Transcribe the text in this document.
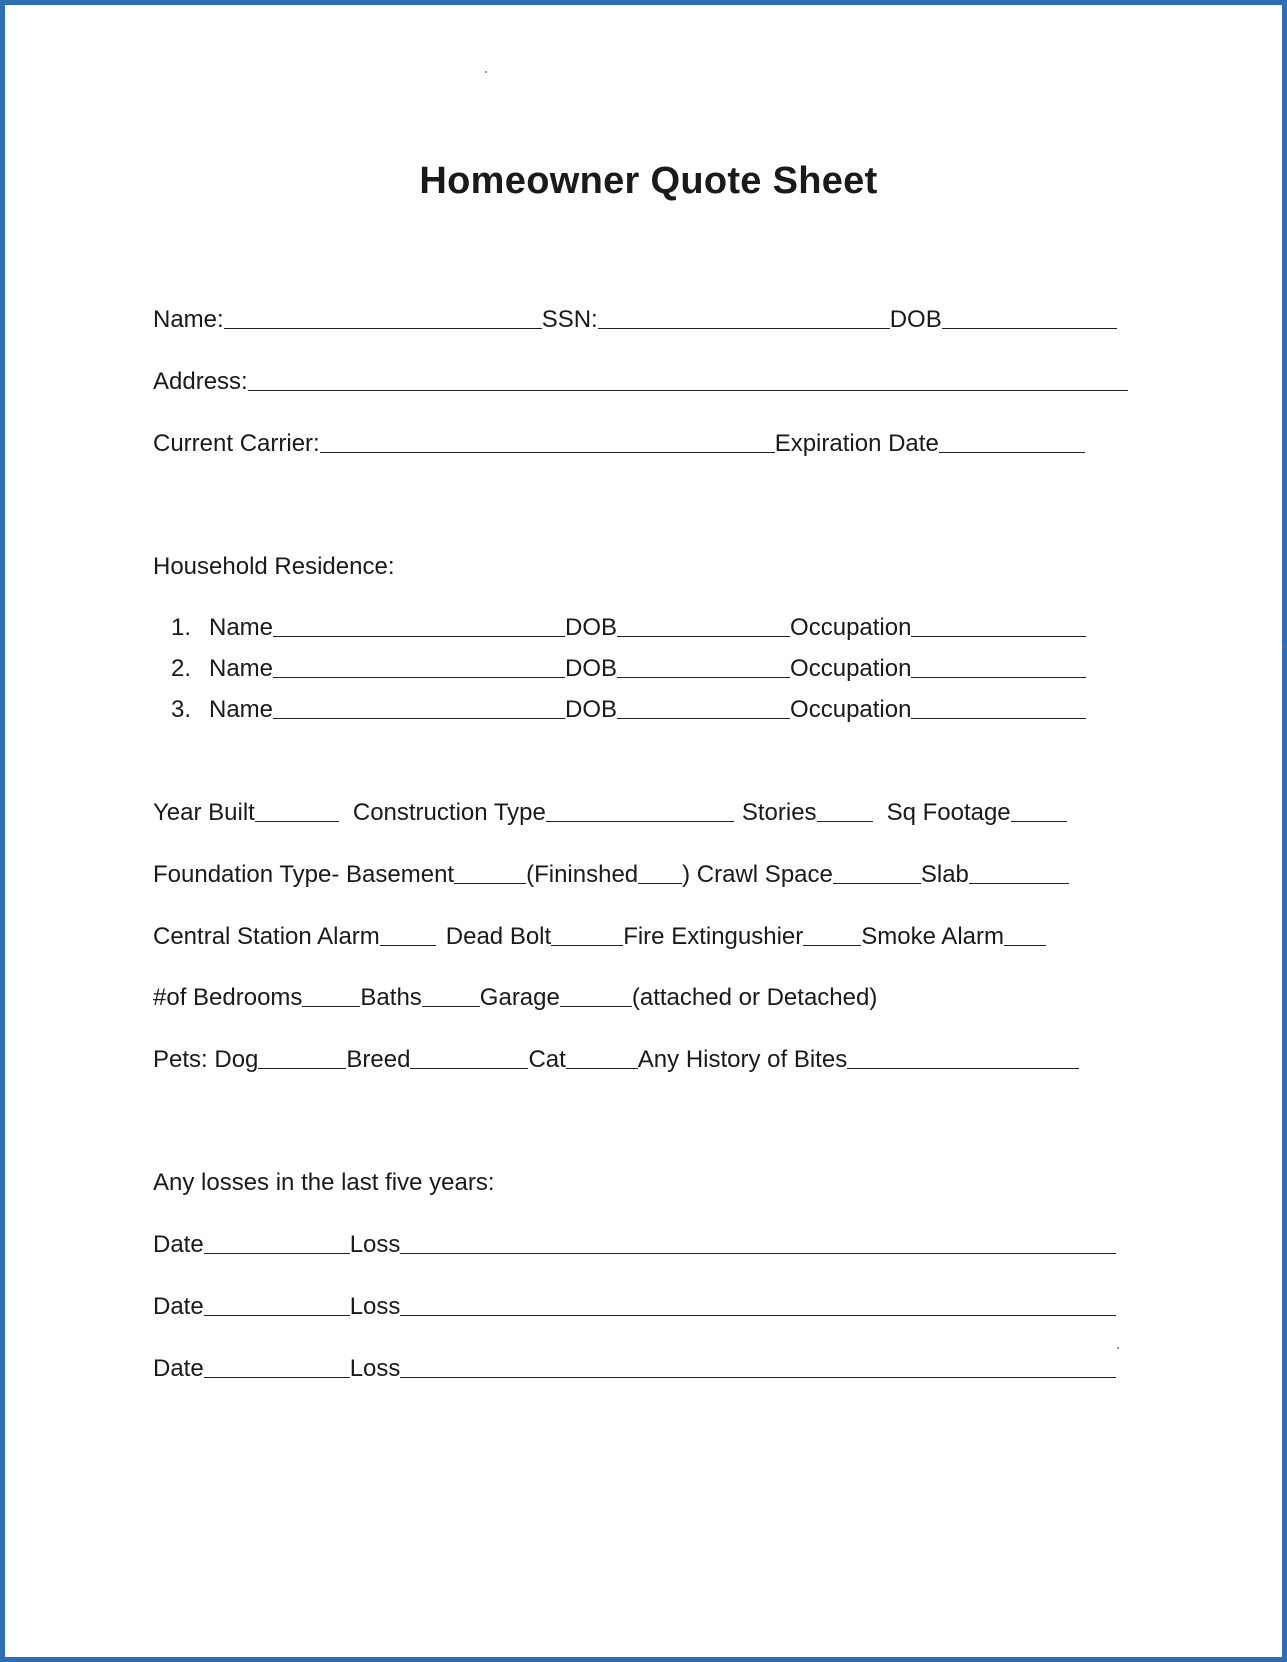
Homeowner Quote Sheet
Name:	SSN:	DOB
Address:
Current Carrier:	Expiration Date
Household Residence:
1. Name	DOB	Occupation
2. Name	DOB	Occupation
3. Name	DOB	Occupation
Year Built	Construction Type	Stories	Sq Footage
Foundation Type- Basement	(Fininshed ) Crawl Space	Slab
Central Station Alarm	Dead Bolt	Fire Extingushier Smoke Alarm
#of Bedrooms Baths Garage	(attached or Detached)
Pets: Dog	Breed	Cat	Any History of Bites
Any losses in the last five years:
Date	Loss
Date	Loss
Date	Loss
